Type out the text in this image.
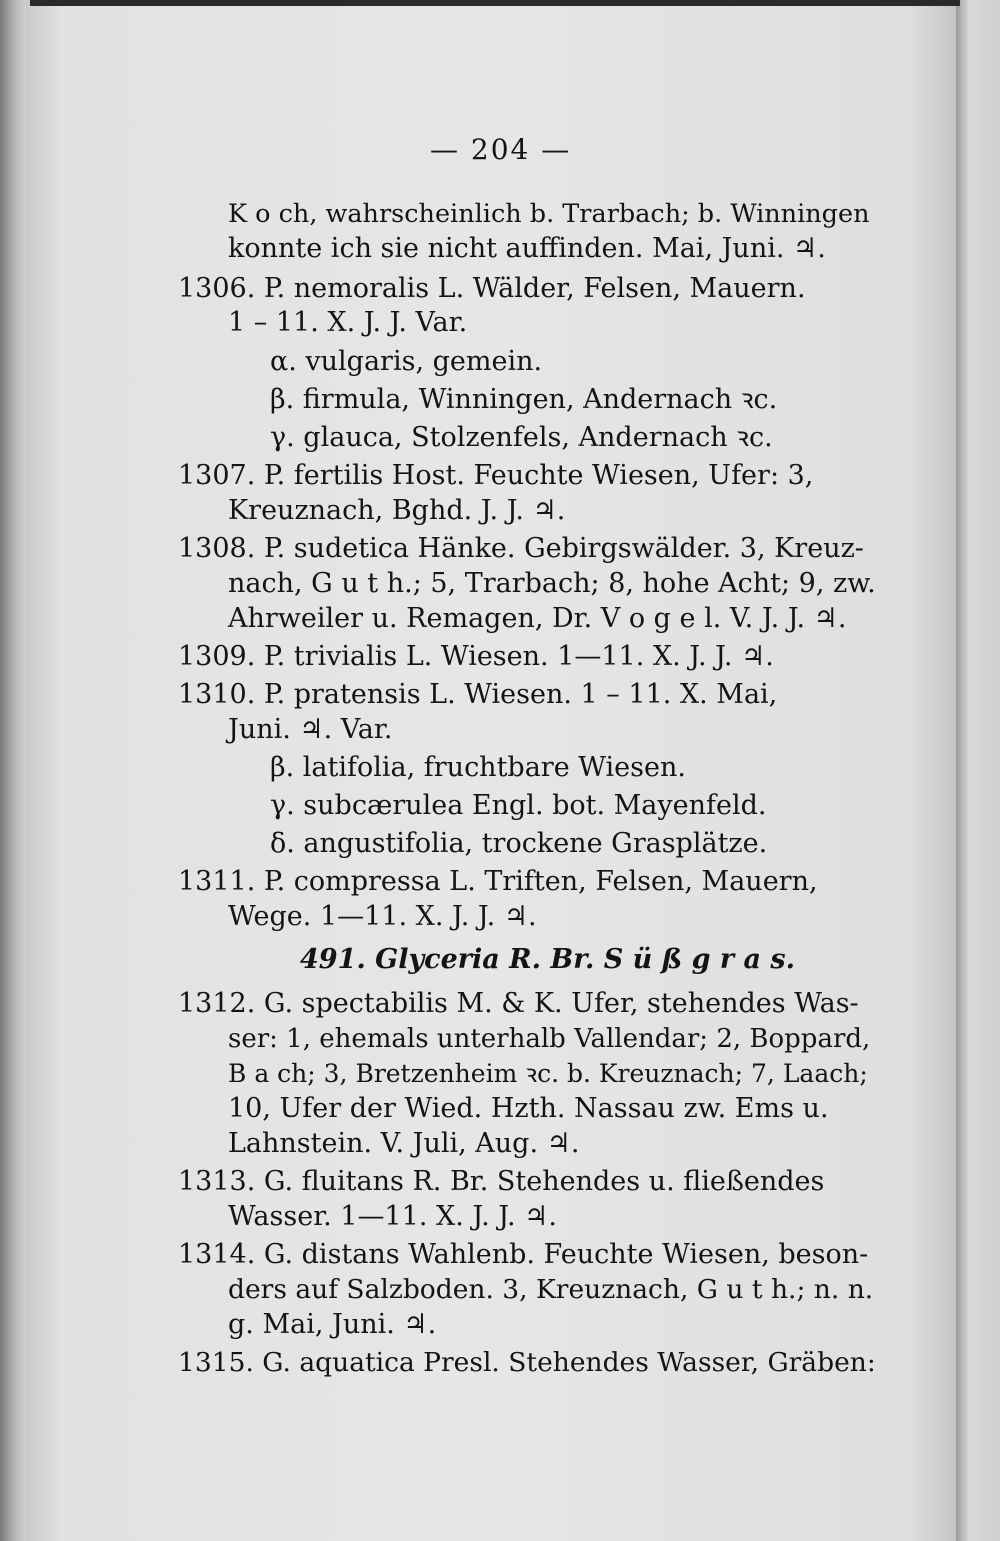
— 204 —
K o ch, wahrscheinlich b. Trarbach; b. Winningen
konnte ich sie nicht auffinden. Mai, Juni. ♃.
1306. P. nemoralis L. Wälder, Felsen, Mauern.
1 – 11. X. J. J. Var.
α. vulgaris, gemein.
β. firmula, Winningen, Andernach ꝛc.
γ. glauca, Stolzenfels, Andernach ꝛc.
1307. P. fertilis Host. Feuchte Wiesen, Ufer: 3,
Kreuznach, Bghd. J. J. ♃.
1308. P. sudetica Hänke. Gebirgswälder. 3, Kreuz-
nach, G u t h.; 5, Trarbach; 8, hohe Acht; 9, zw.
Ahrweiler u. Remagen, Dr. V o g e l. V. J. J. ♃.
1309. P. trivialis L. Wiesen. 1—11. X. J. J. ♃.
1310. P. pratensis L. Wiesen. 1 – 11. X. Mai,
Juni. ♃. Var.
β. latifolia, fruchtbare Wiesen.
γ. subcærulea Engl. bot. Mayenfeld.
δ. angustifolia, trockene Grasplätze.
1311. P. compressa L. Triften, Felsen, Mauern,
Wege. 1—11. X. J. J. ♃.
491. Glyceria R. Br. S ü ß g r a s.
1312. G. spectabilis M. & K. Ufer, stehendes Was-
ser: 1, ehemals unterhalb Vallendar; 2, Boppard,
B a ch; 3, Bretzenheim ꝛc. b. Kreuznach; 7, Laach;
10, Ufer der Wied. Hzth. Nassau zw. Ems u.
Lahnstein. V. Juli, Aug. ♃.
1313. G. fluitans R. Br. Stehendes u. fließendes
Wasser. 1—11. X. J. J. ♃.
1314. G. distans Wahlenb. Feuchte Wiesen, beson-
ders auf Salzboden. 3, Kreuznach, G u t h.; n. n.
g. Mai, Juni. ♃.
1315. G. aquatica Presl. Stehendes Wasser, Gräben:
